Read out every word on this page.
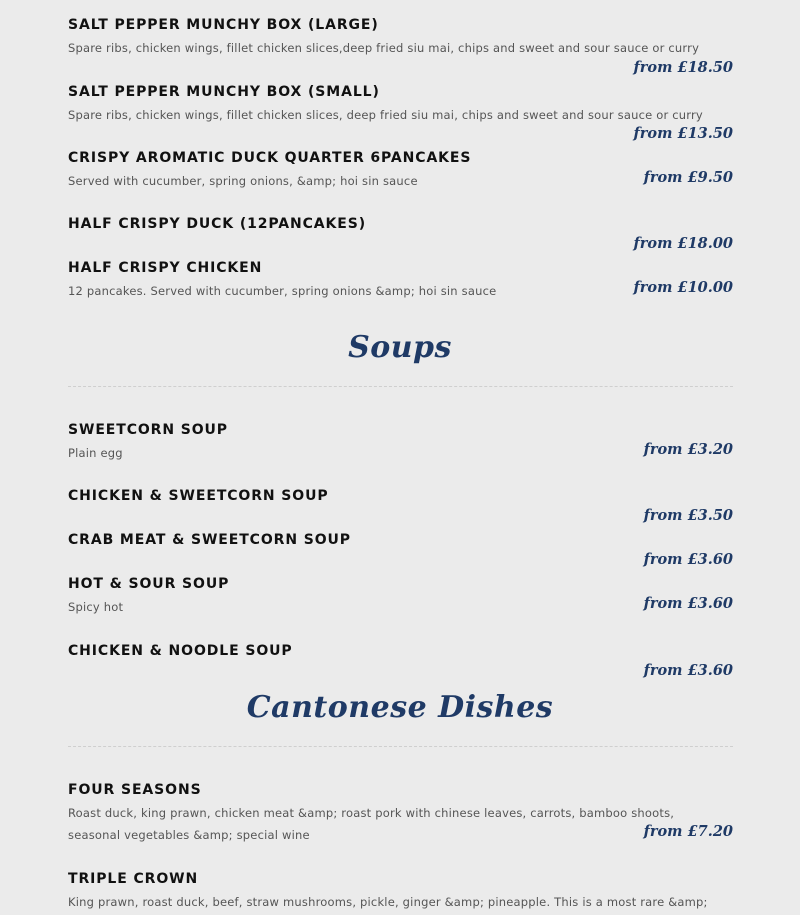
SALT PEPPER MUNCHY BOX (LARGE)
Spare ribs, chicken wings, fillet chicken slices,deep fried siu mai, chips and sweet and sour sauce or curry
from £18.50
SALT PEPPER MUNCHY BOX (SMALL)
Spare ribs, chicken wings, fillet chicken slices, deep fried siu mai, chips and sweet and sour sauce or curry
from £13.50
CRISPY AROMATIC DUCK QUARTER 6PANCAKES
Served with cucumber, spring onions, &amp; hoi sin sauce	from £9.50
HALF CRISPY DUCK (12PANCAKES)
from £18.00
HALF CRISPY CHICKEN
12 pancakes. Served with cucumber, spring onions &amp; hoi sin sauce	from £10.00
Soups
SWEETCORN SOUP
Plain egg	from £3.20
CHICKEN & SWEETCORN SOUP
from £3.50
CRAB MEAT & SWEETCORN SOUP
from £3.60
HOT & SOUR SOUP
Spicy hot	from £3.60
CHICKEN & NOODLE SOUP
from £3.60
Cantonese Dishes
FOUR SEASONS
Roast duck, king prawn, chicken meat &amp; roast pork with chinese leaves, carrots, bamboo shoots, seasonal vegetables &amp; special wine	from £7.20
TRIPLE CROWN
King prawn, roast duck, beef, straw mushrooms, pickle, ginger &amp; pineapple. This is a most rare &amp;
